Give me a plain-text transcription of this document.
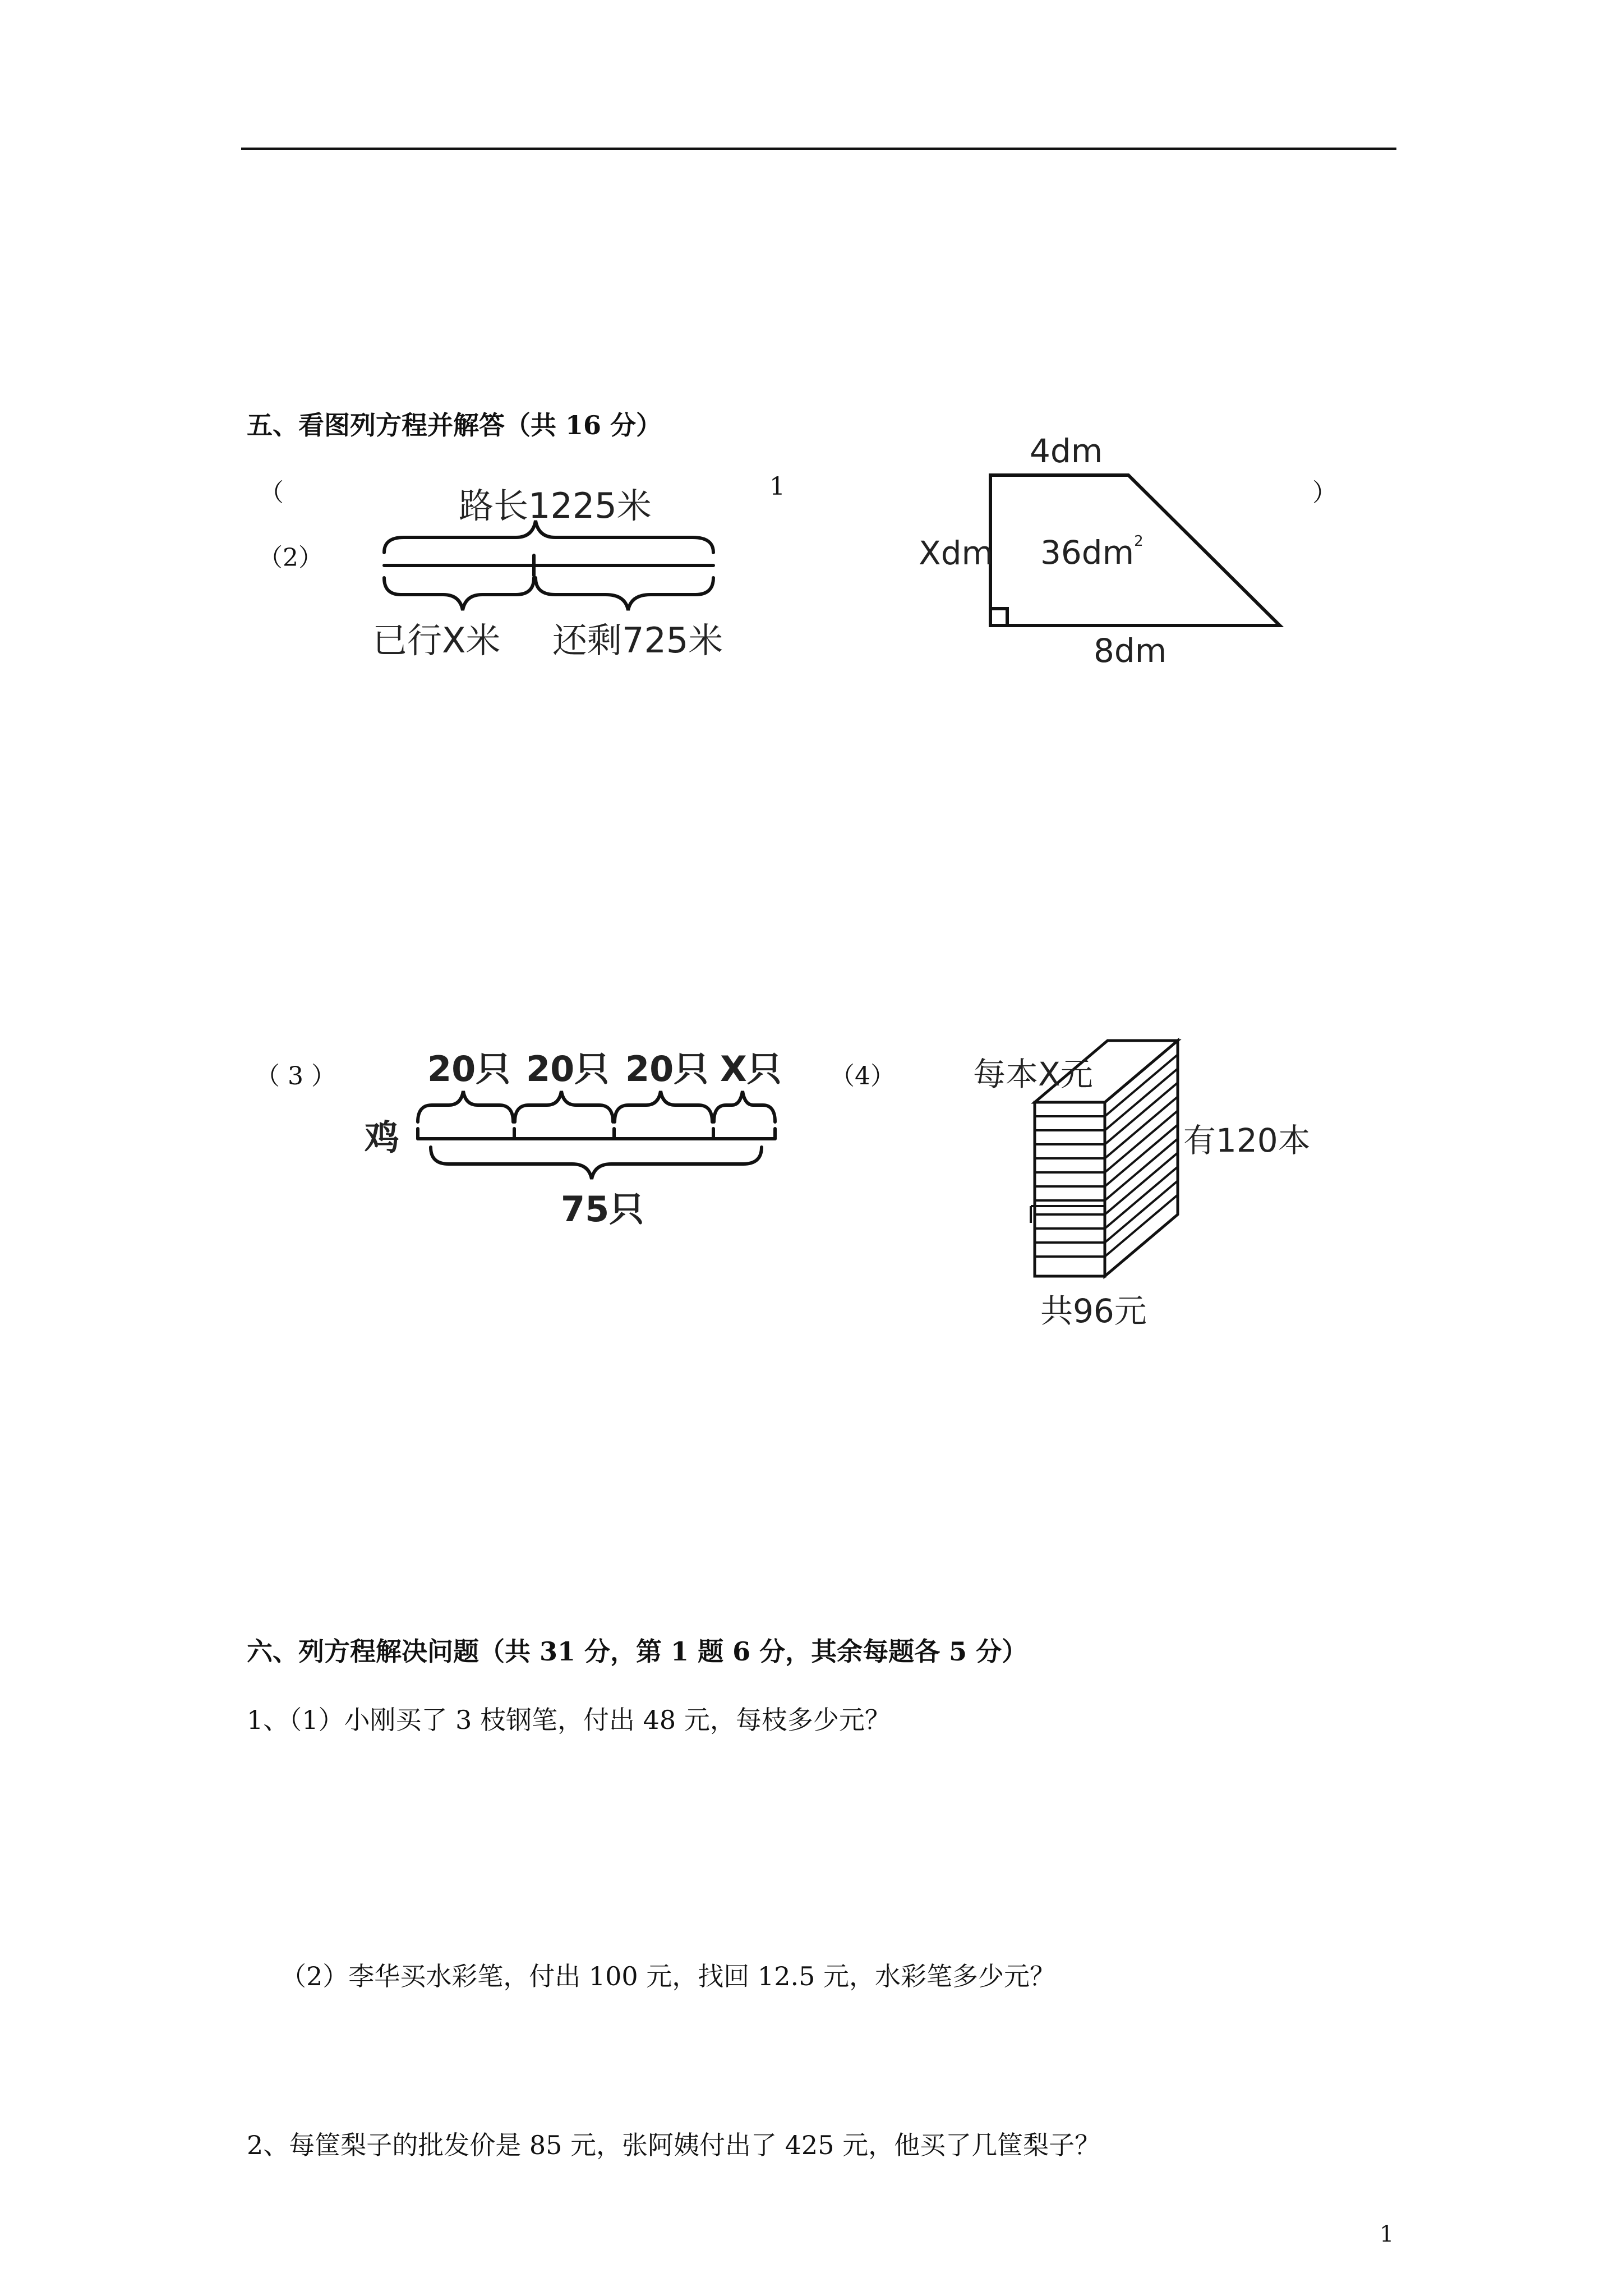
五、看图列方程并解答（共 16 分）
（	1	）
（2）
路长1225米
已行X米 还剩725米
4dm
Xdm $36dm^2$
8dm
（ 3 ）	（4）
20只 20只 20只 X只
鸡
75只
每本X元
有120本
共96元
六、列方程解决问题（共 31 分，第 1 题 6 分，其余每题各 5 分）
1、（1）小刚买了 3 枝钢笔，付出 48 元，每枝多少元？
（2）李华买水彩笔，付出 100 元，找回 12.5 元，水彩笔多少元？
2、每筐梨子的批发价是 85 元，张阿姨付出了 425 元，他买了几筐梨子？
1
